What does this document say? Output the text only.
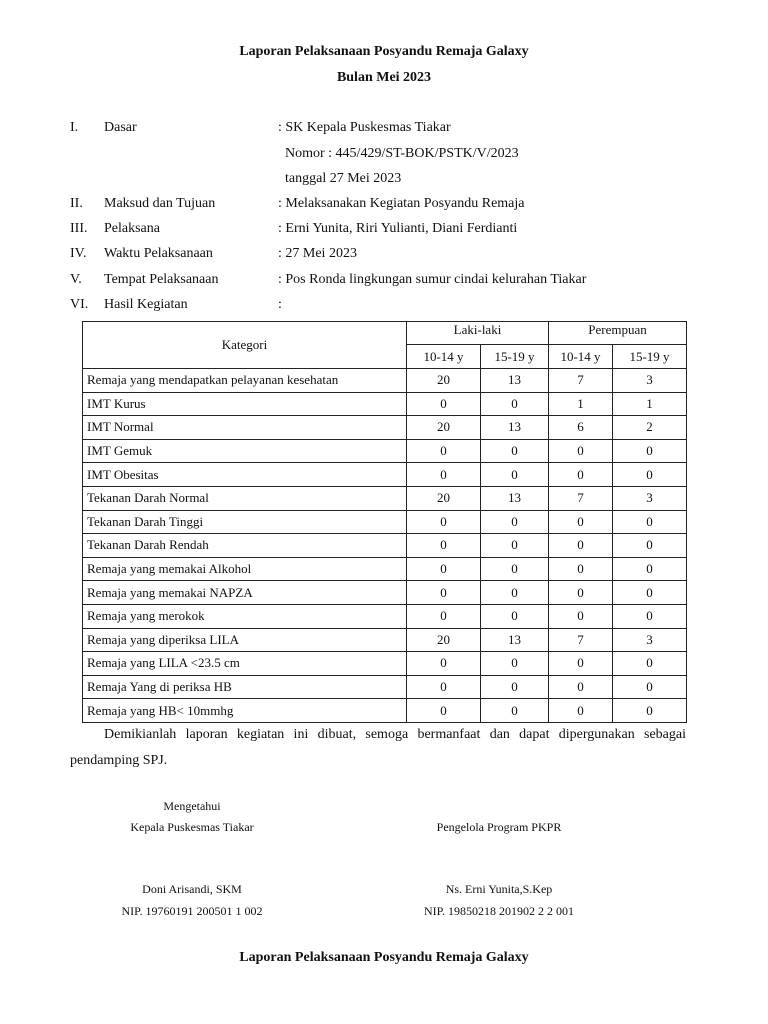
Laporan Pelaksanaan Posyandu Remaja Galaxy
Bulan Mei 2023
I. Dasar	: SK Kepala Puskesmas Tiakar
Nomor : 445/429/ST-BOK/PSTK/V/2023
tanggal 27 Mei 2023
II. Maksud dan Tujuan	: Melaksanakan Kegiatan Posyandu Remaja
III. Pelaksana	: Erni Yunita, Riri Yulianti, Diani Ferdianti
IV. Waktu Pelaksanaan	: 27 Mei 2023
V. Tempat Pelaksanaan	: Pos Ronda lingkungan sumur cindai kelurahan Tiakar
VI. Hasil Kegiatan	:
Kategori	Laki-laki		Perempuan	
	10-14 y	15-19 y	10-14 y	15-19 y
Remaja yang mendapatkan pelayanan kesehatan	20	13	7	3
IMT Kurus	0	0	1	1
IMT Normal	20	13	6	2
IMT Gemuk	0	0	0	0
IMT Obesitas	0	0	0	0
Tekanan Darah Normal	20	13	7	3
Tekanan Darah Tinggi	0	0	0	0
Tekanan Darah Rendah	0	0	0	0
Remaja yang memakai Alkohol	0	0	0	0
Remaja yang memakai NAPZA	0	0	0	0
Remaja yang merokok	0	0	0	0
Remaja yang diperiksa LILA	20	13	7	3
Remaja yang LILA <23.5 cm	0	0	0	0
Remaja Yang di periksa HB	0	0	0	0
Remaja yang HB< 10mmhg	0	0	0	0
Demikianlah laporan kegiatan ini dibuat, semoga bermanfaat dan dapat dipergunakan sebagai pendamping SPJ.
Mengetahui
Kepala Puskesmas Tiakar
Doni Arisandi, SKM
NIP. 19760191 200501 1 002
Pengelola Program PKPR
Ns. Erni Yunita,S.Kep
NIP. 19850218 201902 2 2 001
Laporan Pelaksanaan Posyandu Remaja Galaxy
